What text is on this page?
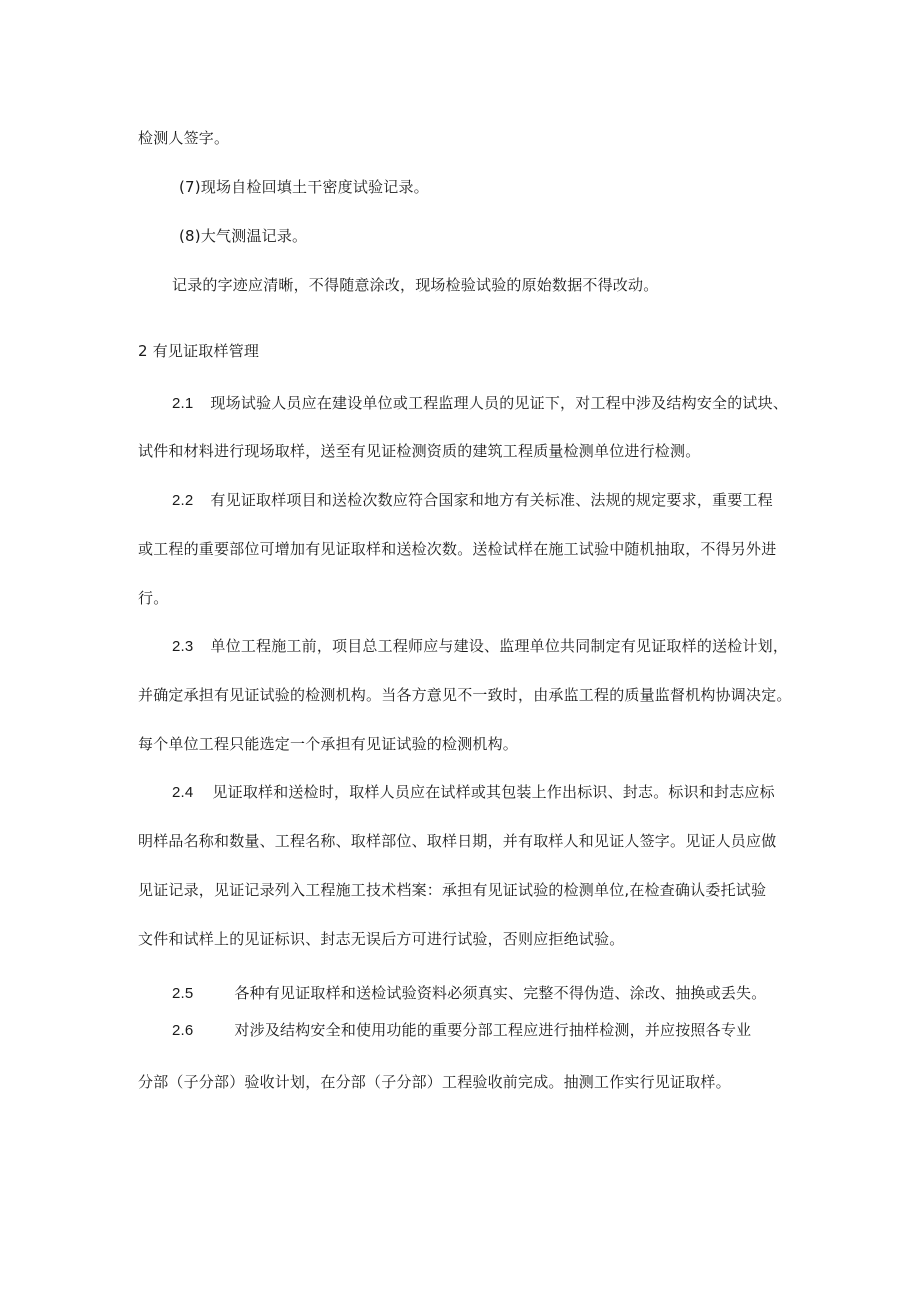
检测人签字。
(7)现场自检回填土干密度试验记录。
(8)大气测温记录。
记录的字迹应清晰，不得随意涂改，现场检验试验的原始数据不得改动。
2 有见证取样管理
2.1 现场试验人员应在建设单位或工程监理人员的见证下，对工程中涉及结构安全的试块、
试件和材料进行现场取样，送至有见证检测资质的建筑工程质量检测单位进行检测。
2.2 有见证取样项目和送检次数应符合国家和地方有关标准、法规的规定要求，重要工程
或工程的重要部位可增加有见证取样和送检次数。送检试样在施工试验中随机抽取，不得另外进
行。
2.3 单位工程施工前，项目总工程师应与建设、监理单位共同制定有见证取样的送检计划，
并确定承担有见证试验的检测机构。当各方意见不一致时，由承监工程的质量监督机构协调决定。
每个单位工程只能选定一个承担有见证试验的检测机构。
2.4 见证取样和送检时，取样人员应在试样或其包装上作出标识、封志。标识和封志应标
明样品名称和数量、工程名称、取样部位、取样日期，并有取样人和见证人签字。见证人员应做
见证记录，见证记录列入工程施工技术档案：承担有见证试验的检测单位,在检查确认委托试验
文件和试样上的见证标识、封志无误后方可进行试验，否则应拒绝试验。
2.5	各种有见证取样和送检试验资料必须真实、完整不得伪造、涂改、抽换或丢失。
2.6	对涉及结构安全和使用功能的重要分部工程应进行抽样检测，并应按照各专业
分部（子分部）验收计划，在分部（子分部）工程验收前完成。抽测工作实行见证取样。
